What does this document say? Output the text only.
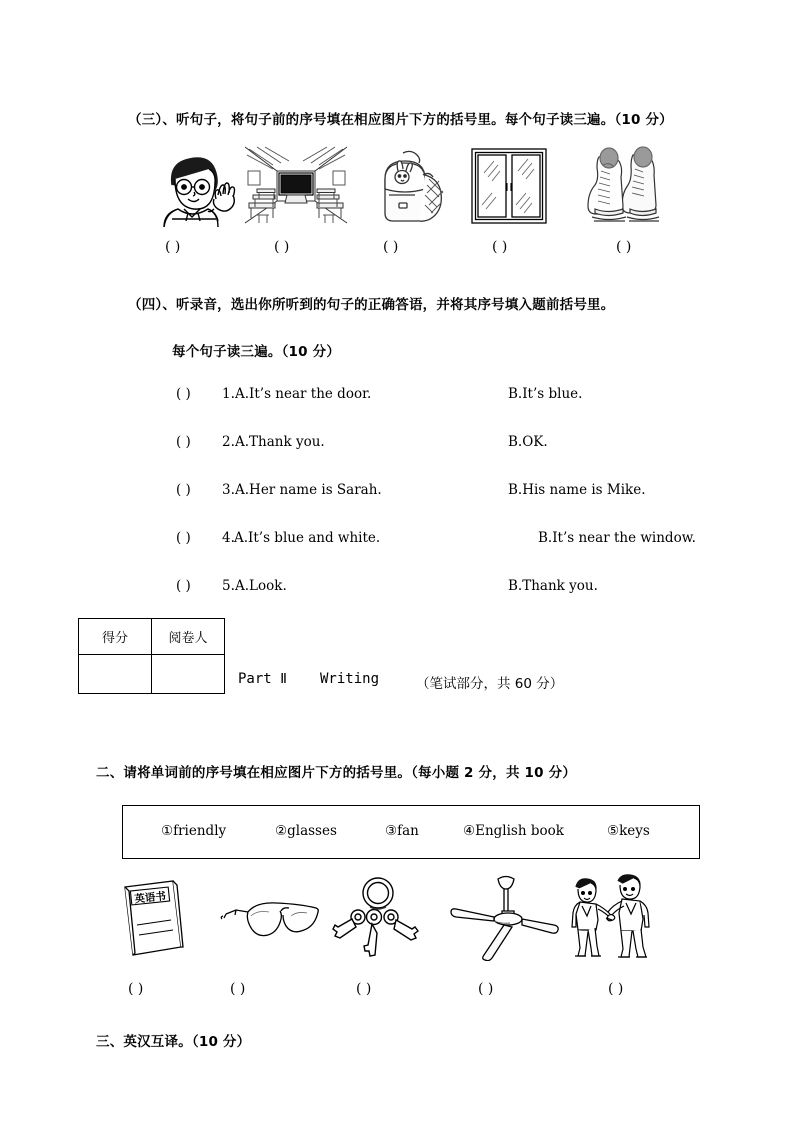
（三）、听句子，将句子前的序号填在相应图片下方的括号里。每个句子读三遍。（10 分）
( )	( )	( )	( )	( )
（四）、听录音，选出你所听到的句子的正确答语，并将其序号填入题前括号里。
每个句子读三遍。（10 分）
( ) 1. A.It’s near the door.	B.It’s blue.
( ) 2. A.Thank you.	B.OK.
( ) 3. A.Her name is Sarah.	B.His name is Mike.
( ) 4. A.It’s blue and white.	B.It’s near the window.
( ) 5. A.Look.	B.Thank you.
得分	阅卷人

Part Ⅱ Writing	（笔试部分，共 60 分）
二、请将单词前的序号填在相应图片下方的括号里。（每小题 2 分，共 10 分）
①friendly	②glasses	③fan	④English book	⑤keys
英语书
( )	( )	( )	( )	( )
三、英汉互译。（10 分）
